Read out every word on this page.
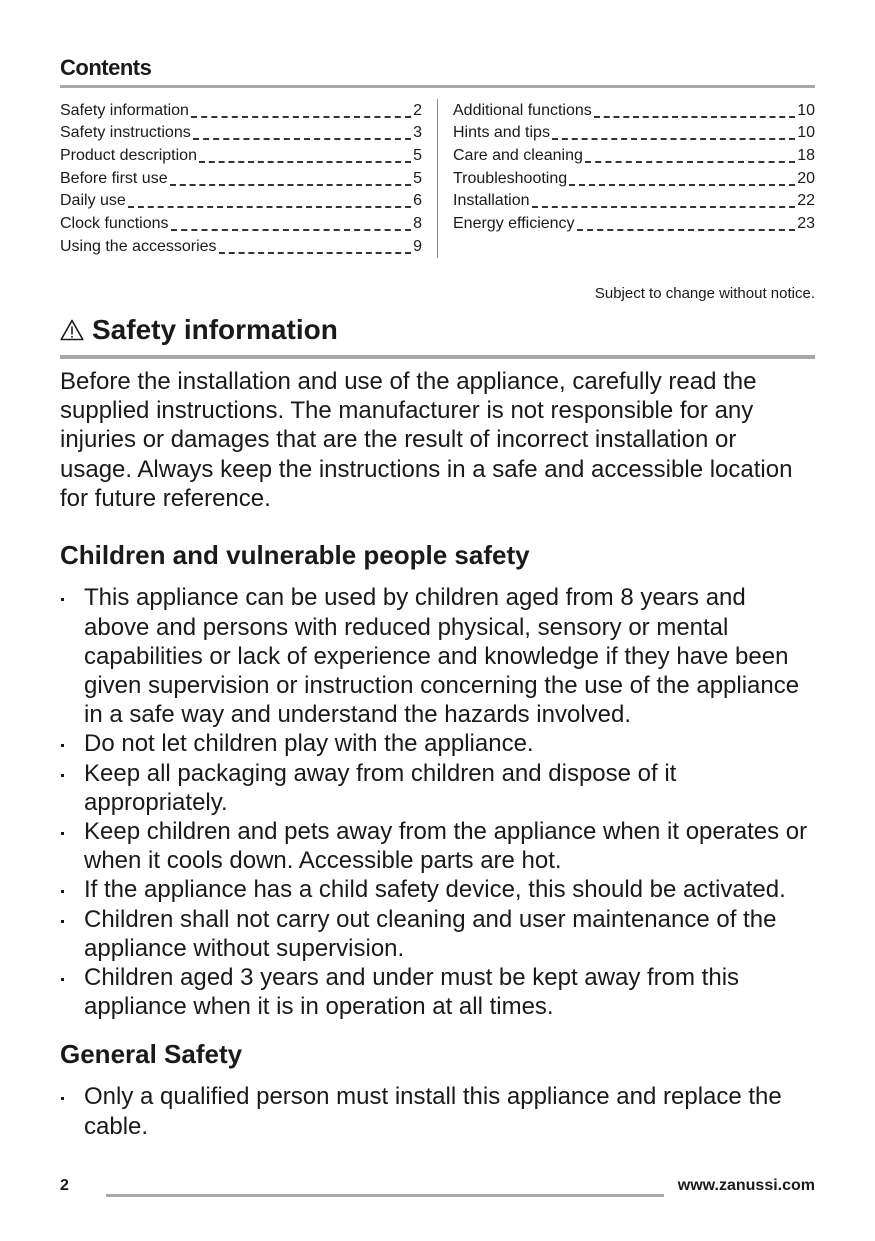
Contents
Safety information	2
Safety instructions	3
Product description	5
Before first use	5
Daily use	6
Clock functions	8
Using the accessories	9
Additional functions	10
Hints and tips	10
Care and cleaning	18
Troubleshooting	20
Installation	22
Energy efficiency	23
Subject to change without notice.
Safety information

Before the installation and use of the appliance, carefully read the supplied instructions. The manufacturer is not responsible for any injuries or damages that are the result of incorrect installation or usage. Always keep the instructions in a safe and accessible location for future reference.

Children and vulnerable people safety
This appliance can be used by children aged from 8 years and above and persons with reduced physical, sensory or mental capabilities or lack of experience and knowledge if they have been given supervision or instruction concerning the use of the appliance in a safe way and understand the hazards involved.
Do not let children play with the appliance.
Keep all packaging away from children and dispose of it appropriately.
Keep children and pets away from the appliance when it operates or when it cools down. Accessible parts are hot.
If the appliance has a child safety device, this should be activated.
Children shall not carry out cleaning and user maintenance of the appliance without supervision.
Children aged 3 years and under must be kept away from this appliance when it is in operation at all times.
General Safety
Only a qualified person must install this appliance and replace the cable.
2	www.zanussi.com
